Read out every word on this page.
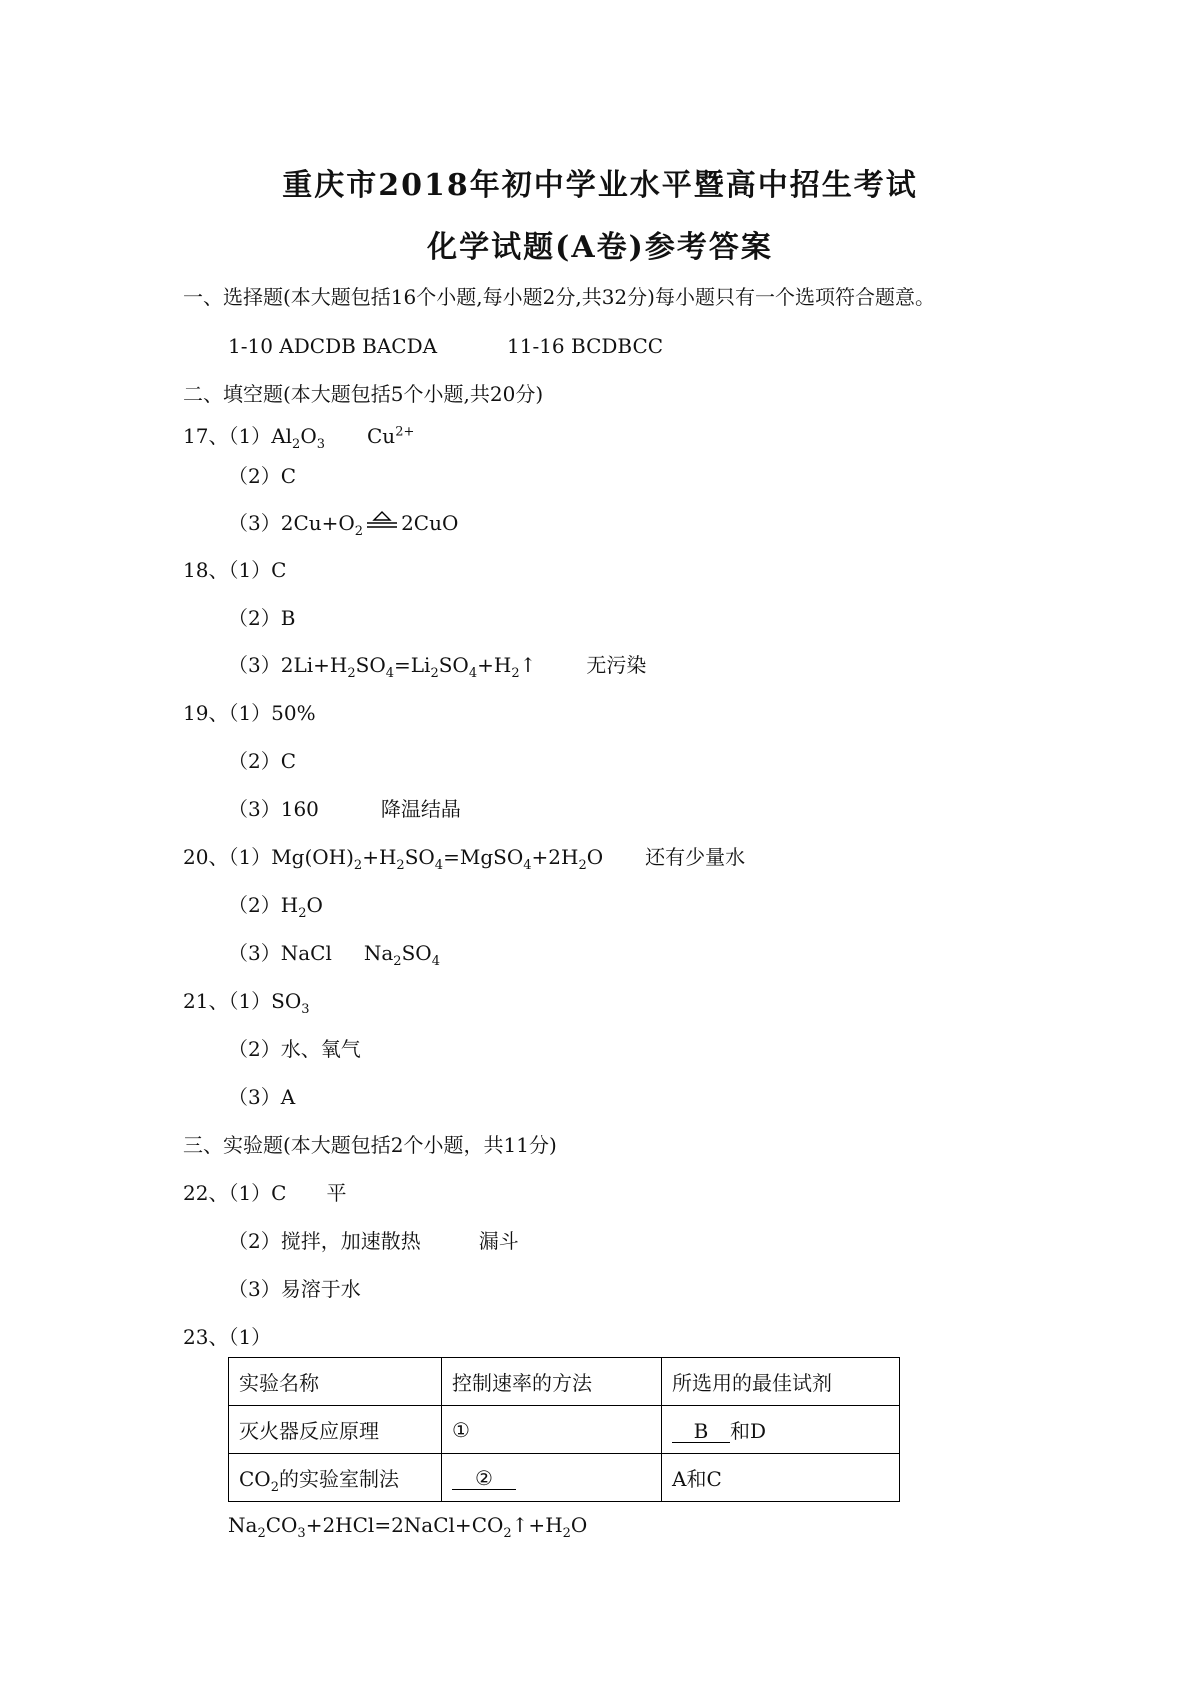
重庆市2018年初中学业水平暨高中招生考试
化学试题(A卷)参考答案
一、选择题(本大题包括16个小题,每小题2分,共32分)每小题只有一个选项符合题意。
1-10 ADCDB BACDA	11-16 BCDBCC
二、填空题(本大题包括5个小题,共20分)
17、$(1)Al_2O_3$ $Cu^{2+}$
（2）C
$(3)2Cu+O_2$ 2CuO
18、（1）C
（2）B
$(3)2Li+H_2SO_4=Li_2SO_4+H_2↑$	无污染
19、（1）50%
（2）C
（3）160	降温结晶
20、$(1)Mg(OH)_2+H_2SO_4=MgSO_4+2H_2O$ 还有少量水
$(2)H_2O$
（3）NaCl $Na_2SO_4$
21、$(1)SO_3$
（2）水、氧气
（3）A
三、实验题(本大题包括2个小题，共11分)
22、（1）C 平
（2）搅拌，加速散热	漏斗
（3）易溶于水
23、（1）
实验名称	控制速率的方法	所选用的最佳试剂
灭火器反应原理	①	B 和D
$CO_2$的实验室制法	②	A和C
$Na_2CO_3+2HCl=2NaCl+CO_2↑+H_2O$
